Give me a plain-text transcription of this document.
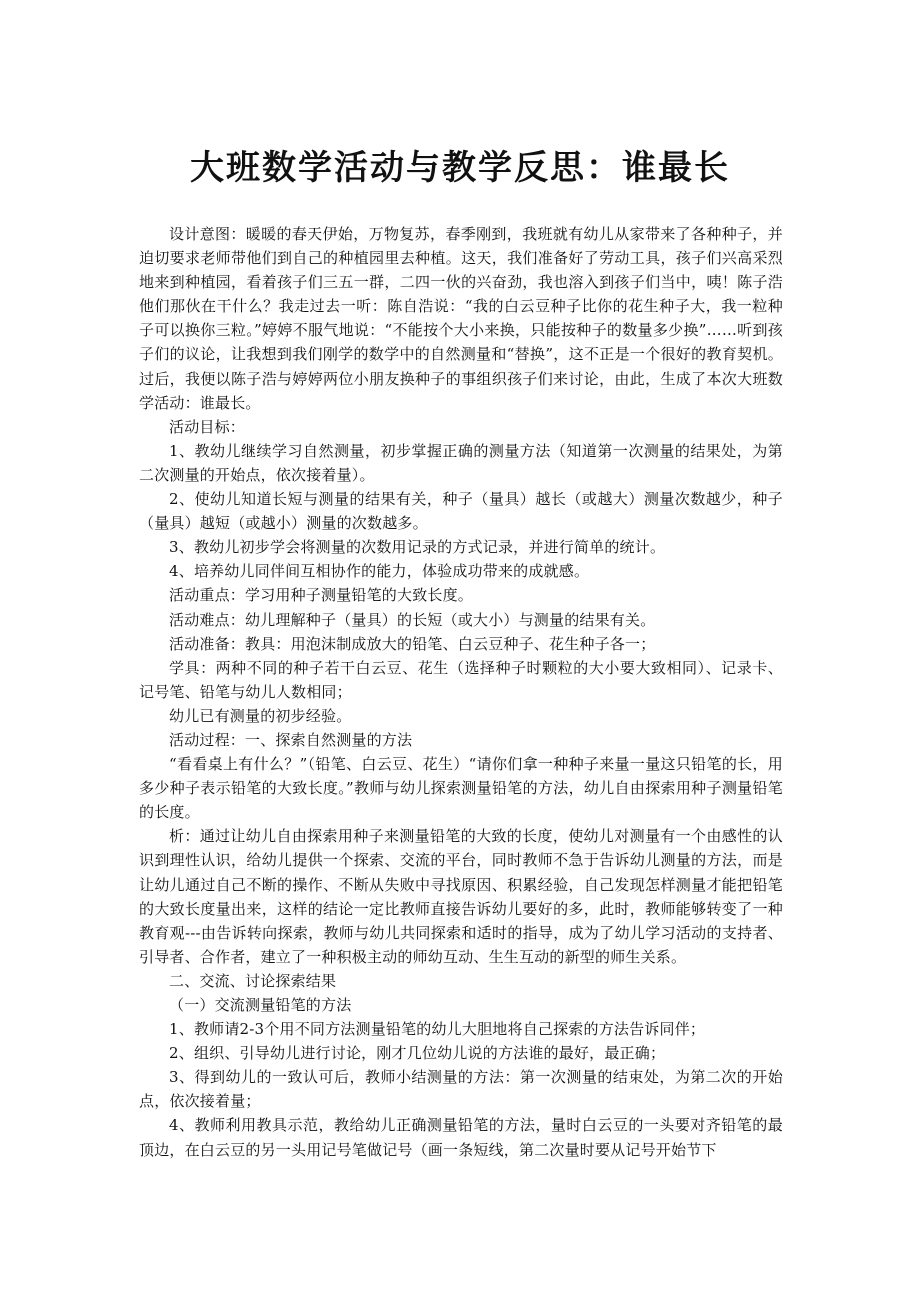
大班数学活动与教学反思：谁最长

设计意图：暖暖的春天伊始，万物复苏，春季刚到，我班就有幼儿从家带来了各种种子，并迫切要求老师带他们到自己的种植园里去种植。这天，我们准备好了劳动工具，孩子们兴高采烈地来到种植园，看着孩子们三五一群，二四一伙的兴奋劲，我也溶入到孩子们当中，咦！陈子浩他们那伙在干什么？我走过去一听：陈自浩说：“我的白云豆种子比你的花生种子大，我一粒种子可以换你三粒。”婷婷不服气地说：“不能按个大小来换，只能按种子的数量多少换”……听到孩子们的议论，让我想到我们刚学的数学中的自然测量和“替换”，这不正是一个很好的教育契机。过后，我便以陈子浩与婷婷两位小朋友换种子的事组织孩子们来讨论，由此，生成了本次大班数学活动：谁最长。

活动目标：

1、教幼儿继续学习自然测量，初步掌握正确的测量方法（知道第一次测量的结果处，为第二次测量的开始点，依次接着量）。

2、使幼儿知道长短与测量的结果有关，种子（量具）越长（或越大）测量次数越少，种子（量具）越短（或越小）测量的次数越多。

3、教幼儿初步学会将测量的次数用记录的方式记录，并进行简单的统计。

4、培养幼儿同伴间互相协作的能力，体验成功带来的成就感。

活动重点：学习用种子测量铅笔的大致长度。

活动难点：幼儿理解种子（量具）的长短（或大小）与测量的结果有关。

活动准备：教具：用泡沫制成放大的铅笔、白云豆种子、花生种子各一；

学具：两种不同的种子若干白云豆、花生（选择种子时颗粒的大小要大致相同）、记录卡、记号笔、铅笔与幼儿人数相同；

幼儿已有测量的初步经验。

活动过程：一、探索自然测量的方法

“看看桌上有什么？”（铅笔、白云豆、花生）“请你们拿一种种子来量一量这只铅笔的长，用多少种子表示铅笔的大致长度。”教师与幼儿探索测量铅笔的方法，幼儿自由探索用种子测量铅笔的长度。

析：通过让幼儿自由探索用种子来测量铅笔的大致的长度，使幼儿对测量有一个由感性的认识到理性认识，给幼儿提供一个探索、交流的平台，同时教师不急于告诉幼儿测量的方法，而是让幼儿通过自己不断的操作、不断从失败中寻找原因、积累经验，自己发现怎样测量才能把铅笔的大致长度量出来，这样的结论一定比教师直接告诉幼儿要好的多，此时，教师能够转变了一种教育观---由告诉转向探索，教师与幼儿共同探索和适时的指导，成为了幼儿学习活动的支持者、引导者、合作者，建立了一种积极主动的师幼互动、生生互动的新型的师生关系。

二、交流、讨论探索结果

（一）交流测量铅笔的方法

1、教师请2-3个用不同方法测量铅笔的幼儿大胆地将自己探索的方法告诉同伴；

2、组织、引导幼儿进行讨论，刚才几位幼儿说的方法谁的最好，最正确；

3、得到幼儿的一致认可后，教师小结测量的方法：第一次测量的结束处，为第二次的开始点，依次接着量；

4、教师利用教具示范，教给幼儿正确测量铅笔的方法，量时白云豆的一头要对齐铅笔的最顶边，在白云豆的另一头用记号笔做记号（画一条短线，第二次量时要从记号开始节下
